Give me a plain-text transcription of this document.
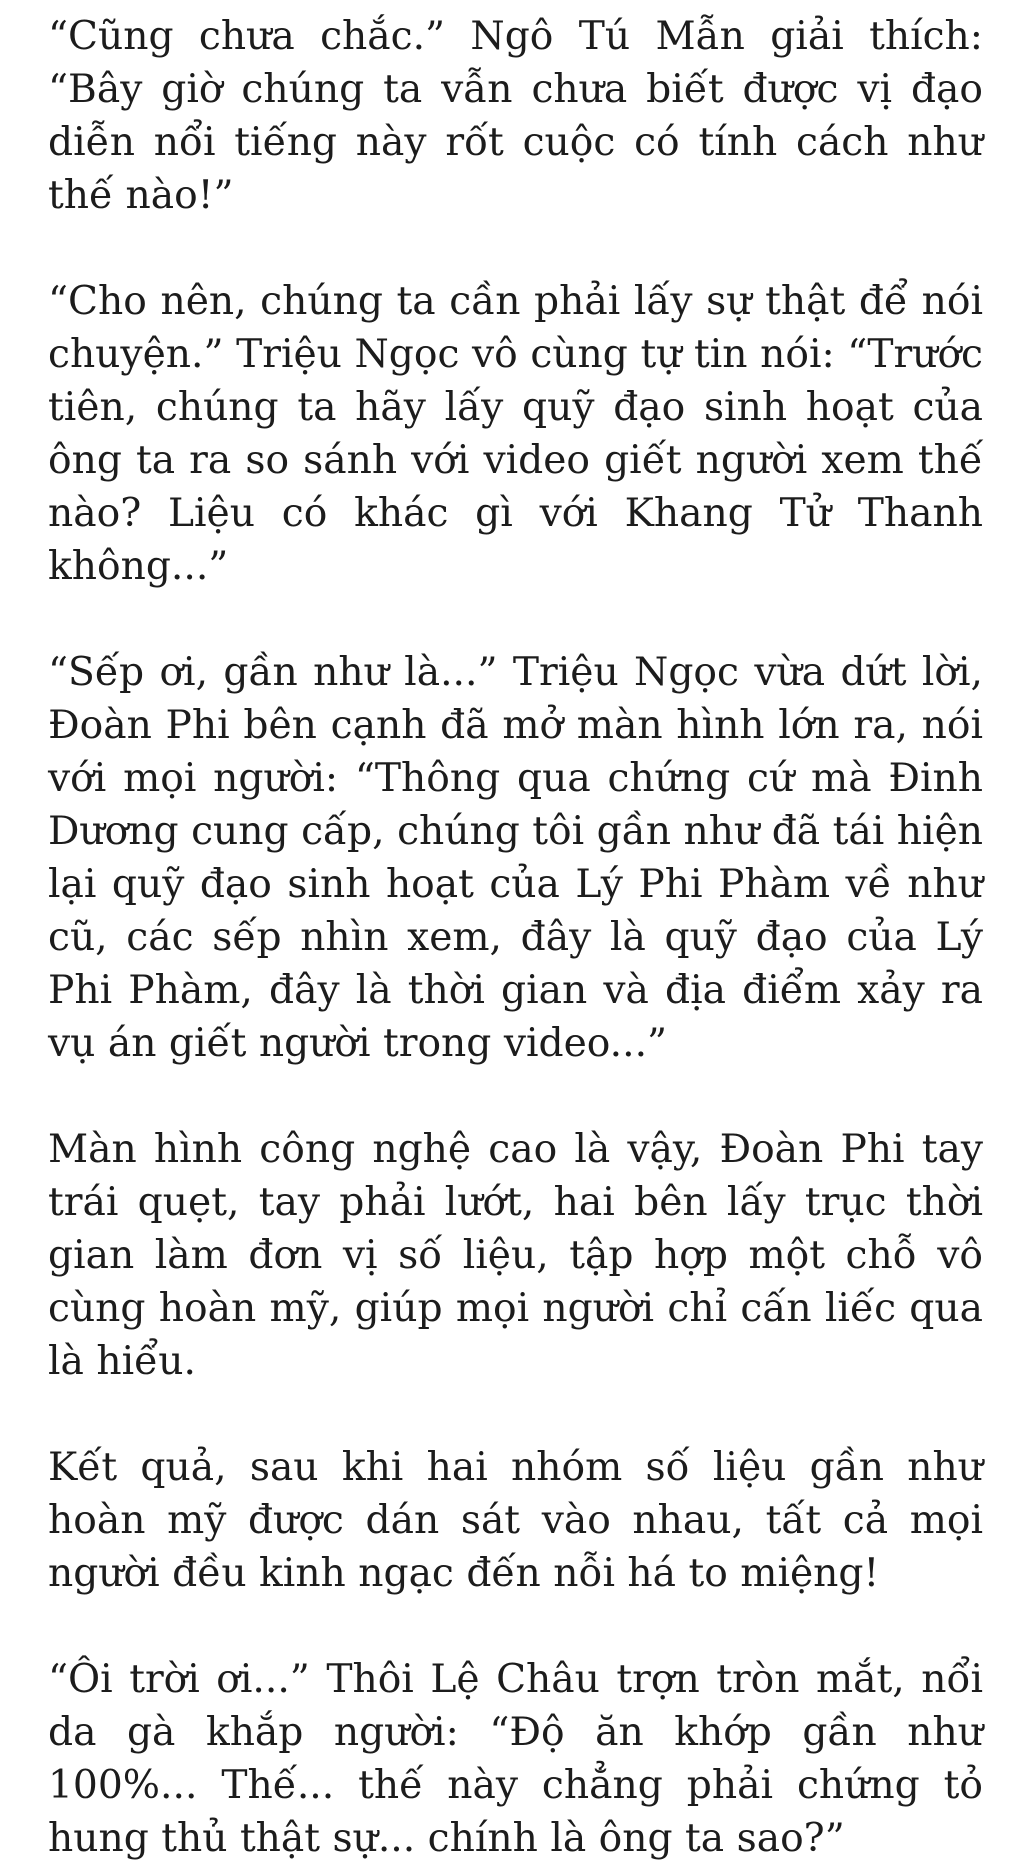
“Cũng chưa chắc.” Ngô Tú Mẫn giải thích: “Bây giờ chúng ta vẫn chưa biết được vị đạo diễn nổi tiếng này rốt cuộc có tính cách như thế nào!”

“Cho nên, chúng ta cần phải lấy sự thật để nói chuyện.” Triệu Ngọc vô cùng tự tin nói: “Trước tiên, chúng ta hãy lấy quỹ đạo sinh hoạt của ông ta ra so sánh với video giết người xem thế nào? Liệu có khác gì với Khang Tử Thanh không...”

“Sếp ơi, gần như là...” Triệu Ngọc vừa dứt lời, Đoàn Phi bên cạnh đã mở màn hình lớn ra, nói với mọi người: “Thông qua chứng cứ mà Đinh Dương cung cấp, chúng tôi gần như đã tái hiện lại quỹ đạo sinh hoạt của Lý Phi Phàm về như cũ, các sếp nhìn xem, đây là quỹ đạo của Lý Phi Phàm, đây là thời gian và địa điểm xảy ra vụ án giết người trong video...”

Màn hình công nghệ cao là vậy, Đoàn Phi tay trái quẹt, tay phải lướt, hai bên lấy trục thời gian làm đơn vị số liệu, tập hợp một chỗ vô cùng hoàn mỹ, giúp mọi người chỉ cấn liếc qua là hiểu.

Kết quả, sau khi hai nhóm số liệu gần như hoàn mỹ được dán sát vào nhau, tất cả mọi người đều kinh ngạc đến nỗi há to miệng!

“Ôi trời ơi...” Thôi Lệ Châu trợn tròn mắt, nổi da gà khắp người: “Độ ăn khớp gần như 100%... Thế... thế này chẳng phải chứng tỏ hung thủ thật sự... chính là ông ta sao?”
